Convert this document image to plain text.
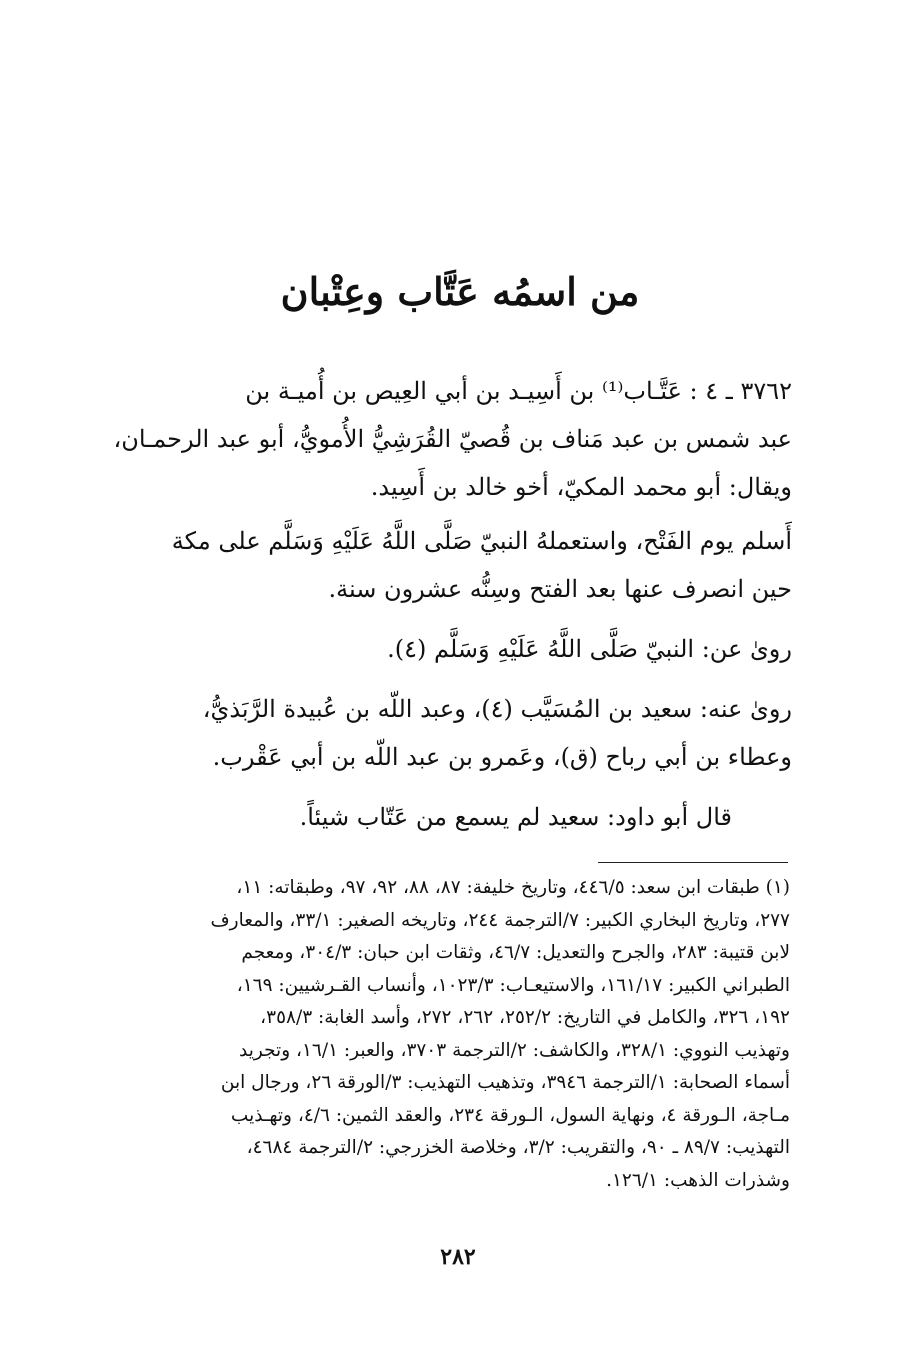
من اسمُه عَتَّاب وعِتْبان
٣٧٦٢ ـ ٤ : عَتَّـاب⁽¹⁾ بن أَسِيـد بن أبي العِيص بن أُميـة بن
عبد شمس بن عبد مَناف بن قُصيّ القُرَشِيُّ الأُمويُّ، أبو عبد الرحمـان،
ويقال: أبو محمد المكيّ، أخو خالد بن أَسِيد.
أَسلم يوم الفَتْح، واستعملهُ النبيّ صَلَّى اللَّهُ عَلَيْهِ وَسَلَّم على مكة
حين انصرف عنها بعد الفتح وسِنُّه عشرون سنة.
روىٰ عن: النبيّ صَلَّى اللَّهُ عَلَيْهِ وَسَلَّم (٤).
روىٰ عنه: سعيد بن المُسَيَّب (٤)، وعبد اللّه بن عُبيدة الرَّبَذيُّ،
وعطاء بن أبي رباح (ق)، وعَمرو بن عبد اللّه بن أبي عَقْرب.
قال أبو داود: سعيد لم يسمع من عَتّاب شيئاً.
(١) طبقات ابن سعد: ٤٤٦/٥، وتاريخ خليفة: ٨٧، ٨٨، ٩٢، ٩٧، وطبقاته: ١١،
٢٧٧، وتاريخ البخاري الكبير: ٧/الترجمة ٢٤٤، وتاريخه الصغير: ٣٣/١، والمعارف
لابن قتيبة: ٢٨٣، والجرح والتعديل: ٤٦/٧، وثقات ابن حبان: ٣٠٤/٣، ومعجم
الطبراني الكبير: ١٦١/١٧، والاستيعـاب: ١٠٢٣/٣، وأنساب القـرشيين: ١٦٩،
١٩٢، ٣٢٦، والكامل في التاريخ: ٢٥٢/٢، ٢٦٢، ٢٧٢، وأسد الغابة: ٣٥٨/٣،
وتهذيب النووي: ٣٢٨/١، والكاشف: ٢/الترجمة ٣٧٠٣، والعبر: ١٦/١، وتجريد
أسماء الصحابة: ١/الترجمة ٣٩٤٦، وتذهيب التهذيب: ٣/الورقة ٢٦، ورجال ابن
مـاجة، الـورقة ٤، ونهاية السول، الـورقة ٢٣٤، والعقد الثمين: ٤/٦، وتهـذيب
التهذيب: ٨٩/٧ ـ ٩٠، والتقريب: ٣/٢، وخلاصة الخزرجي: ٢/الترجمة ٤٦٨٤،
وشذرات الذهب: ١٢٦/١.
٢٨٢
